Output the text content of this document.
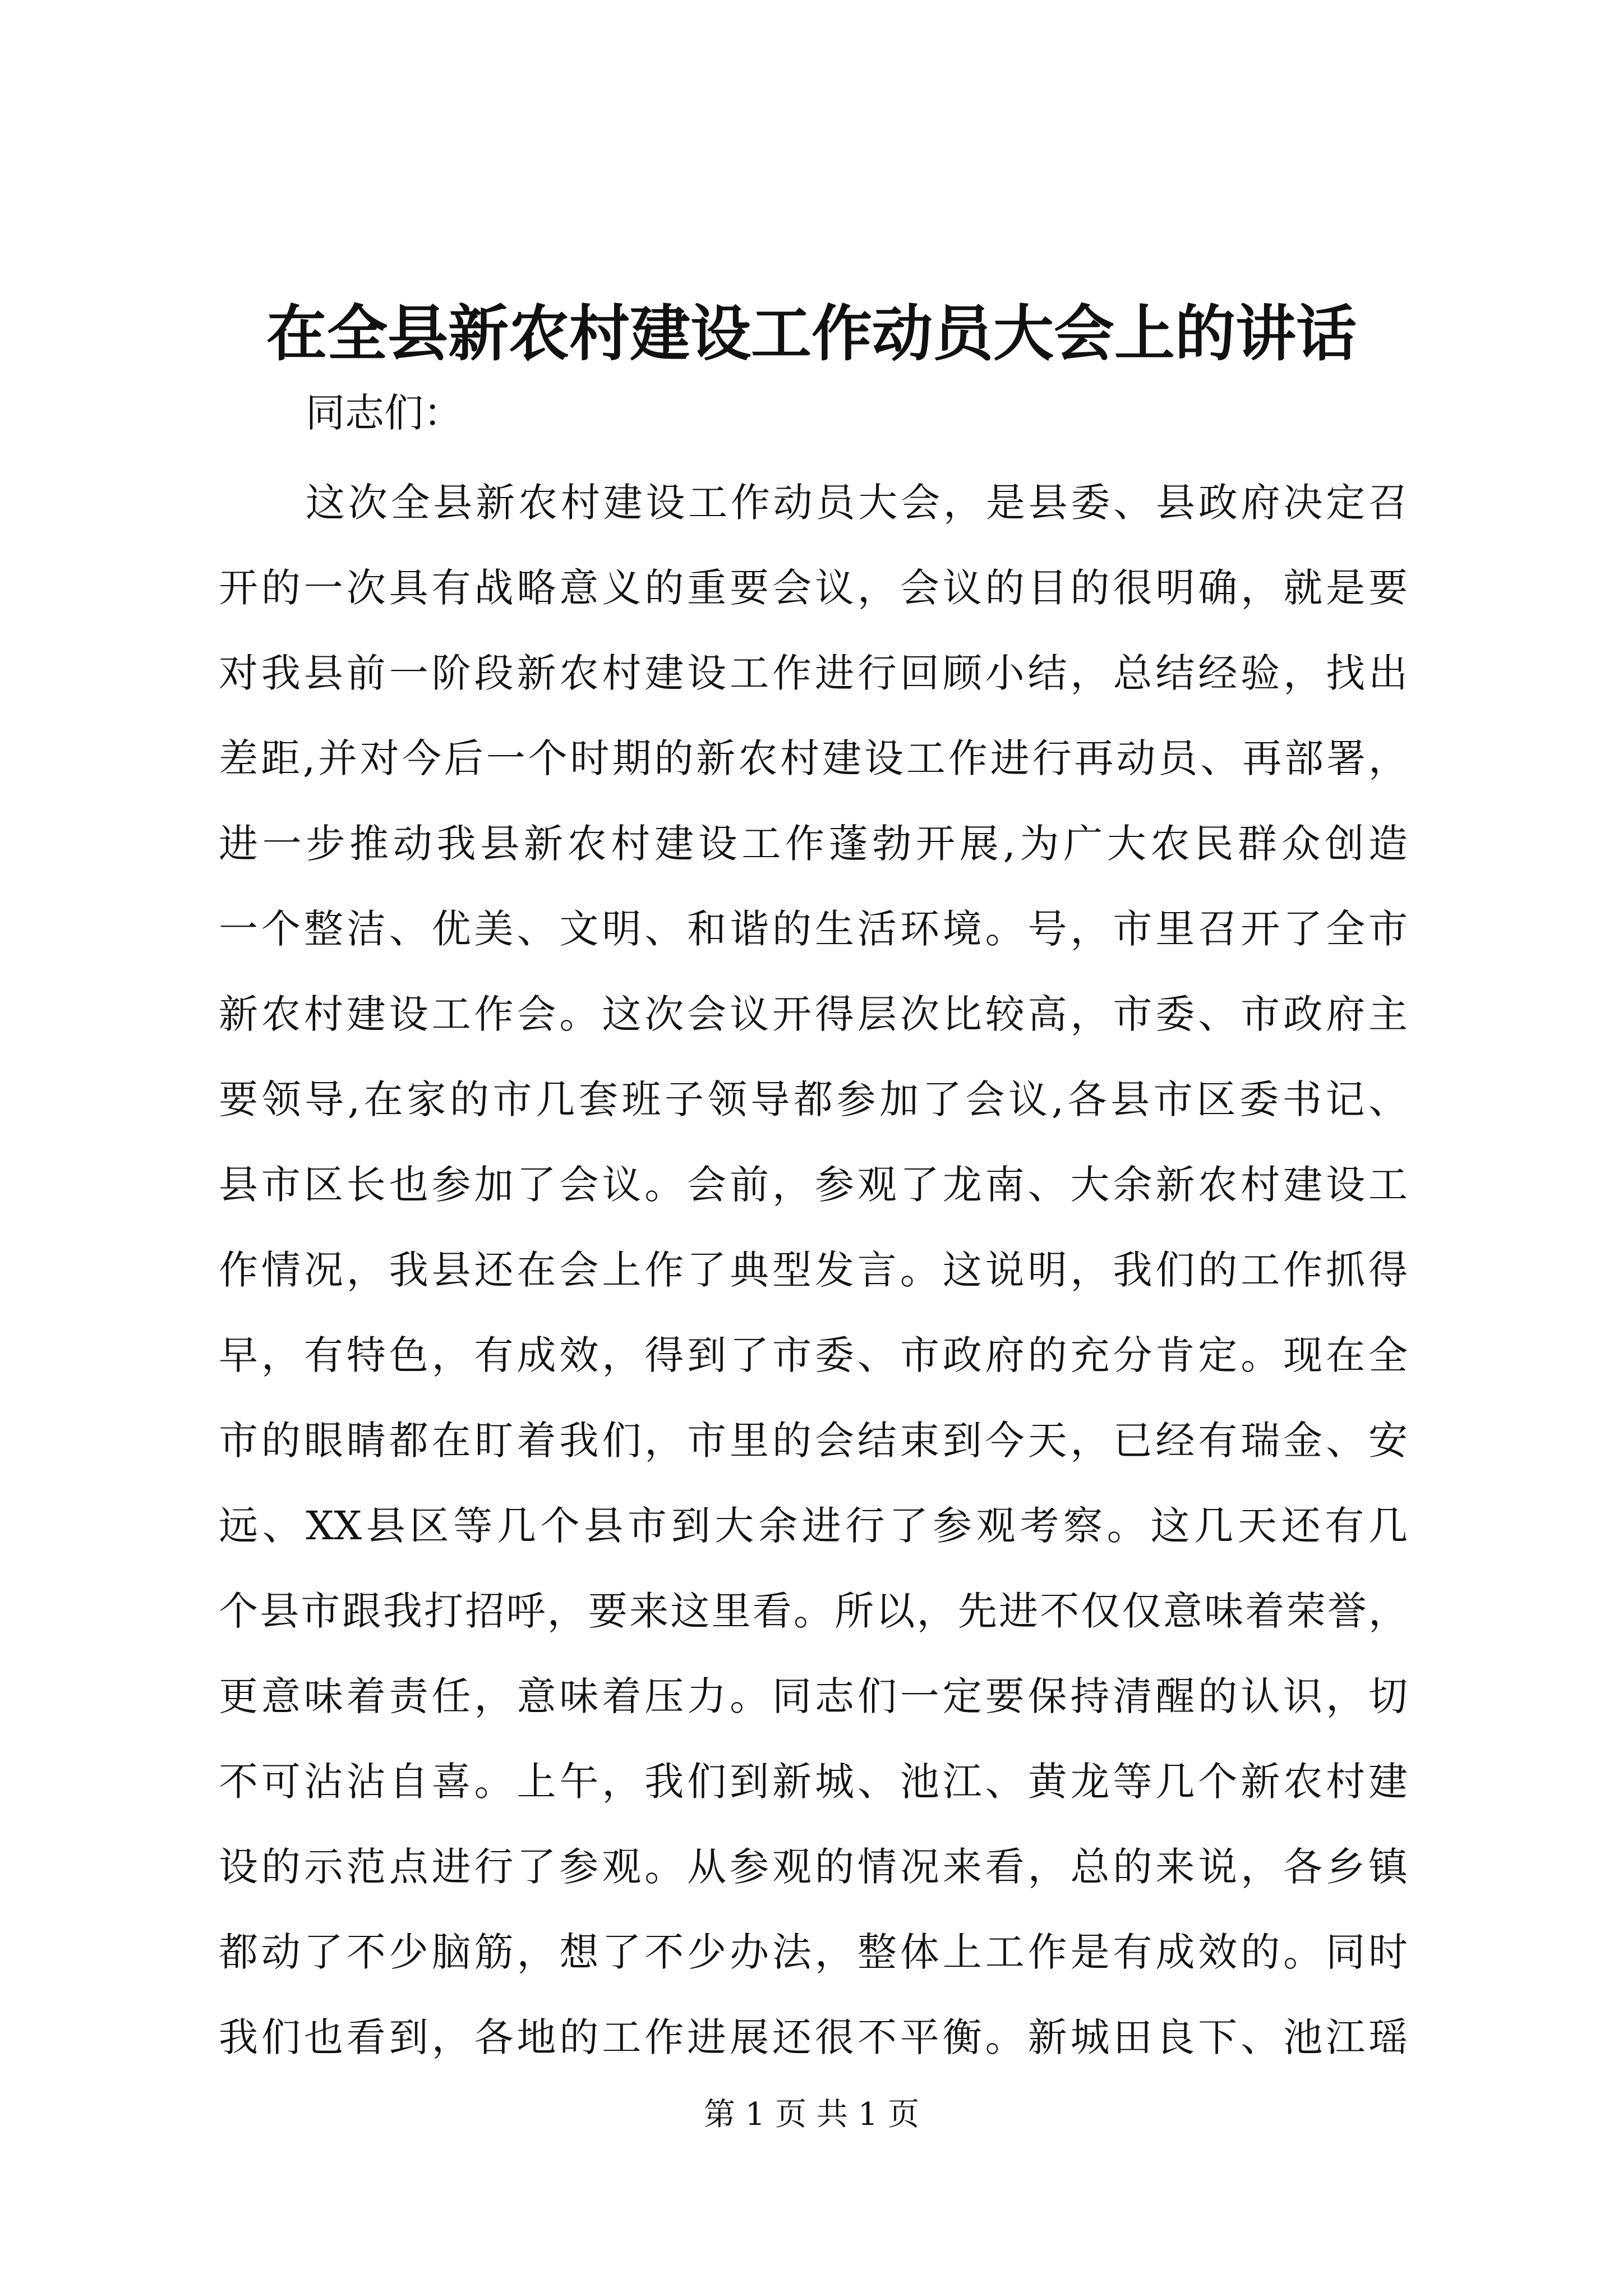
在全县新农村建设工作动员大会上的讲话

同志们：

这次全县新农村建设工作动员大会，是县委、县政府决定召
开的一次具有战略意义的重要会议，会议的目的很明确，就是要
对我县前一阶段新农村建设工作进行回顾小结，总结经验，找出
差距,并对今后一个时期的新农村建设工作进行再动员、再部署，
进一步推动我县新农村建设工作蓬勃开展,为广大农民群众创造
一个整洁、优美、文明、和谐的生活环境。号，市里召开了全市
新农村建设工作会。这次会议开得层次比较高，市委、市政府主
要领导,在家的市几套班子领导都参加了会议,各县市区委书记、
县市区长也参加了会议。会前，参观了龙南、大余新农村建设工
作情况，我县还在会上作了典型发言。这说明，我们的工作抓得
早，有特色，有成效，得到了市委、市政府的充分肯定。现在全
市的眼睛都在盯着我们，市里的会结束到今天，已经有瑞金、安
远、XX县区等几个县市到大余进行了参观考察。这几天还有几
个县市跟我打招呼，要来这里看。所以，先进不仅仅意味着荣誉，
更意味着责任，意味着压力。同志们一定要保持清醒的认识，切
不可沾沾自喜。上午，我们到新城、池江、黄龙等几个新农村建
设的示范点进行了参观。从参观的情况来看，总的来说，各乡镇
都动了不少脑筋，想了不少办法，整体上工作是有成效的。同时
我们也看到，各地的工作进展还很不平衡。新城田良下、池江瑶
第 1 页 共 1 页
